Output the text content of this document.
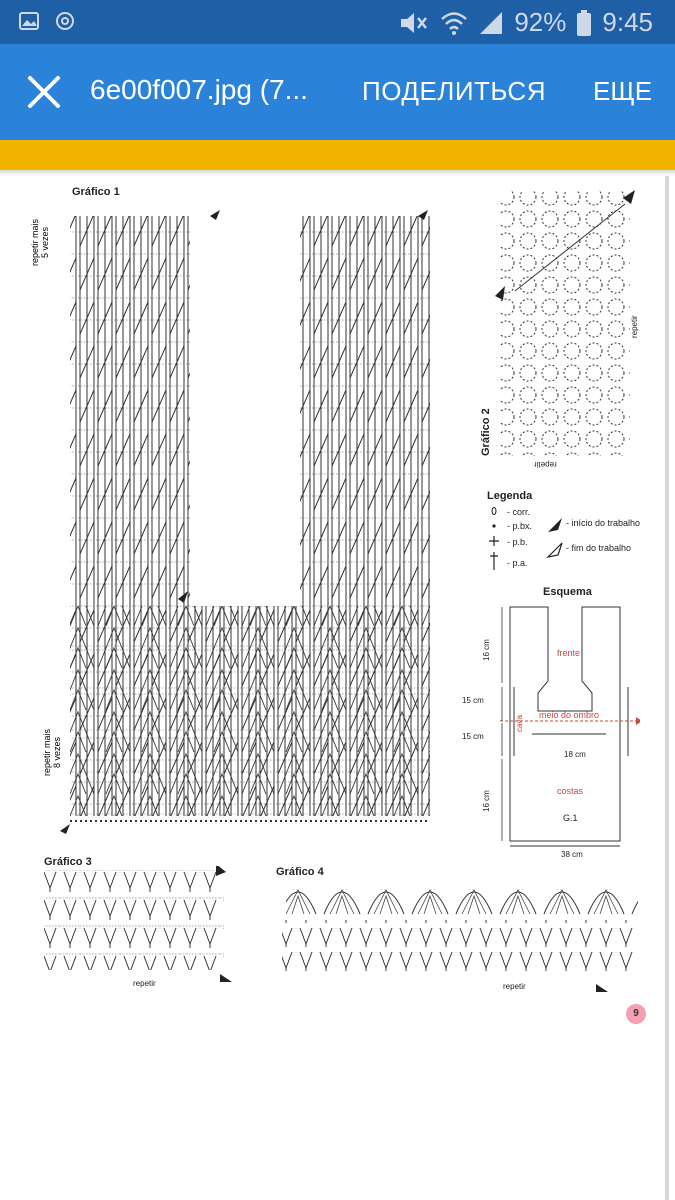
92% 9:45
6e00f007.jpg (7... ПОДЕЛИТЬСЯ ЕЩЕ
Gráfico 1
repetir mais 5 vezes
repetir mais 8 vezes
Gráfico 2
repetir
repetir
Legenda
- corr.
- p.bx.
- p.b.
- p.a.
- início do trabalho
- fim do trabalho
Esquema
16 cm
15 cm
15 cm
16 cm
frente
meio do ombro
cava
18 cm
costas
G.1
38 cm
Gráfico 3
repetir
Gráfico 4
repetir
9
